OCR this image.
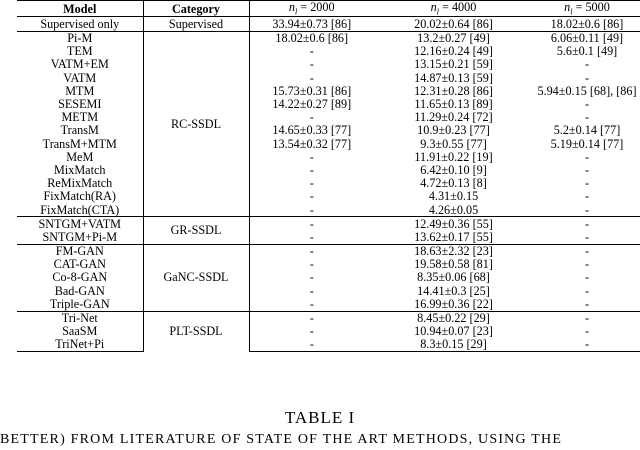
Model	Category	$n_l = 2000$	$n_l = 4000$	$n_l = 5000$
Supervised only	Supervised	33.94±0.73 [86]	20.02±0.64 [86]	18.02±0.6 [86]
Pi-M	RC-SSDL	18.02±0.6 [86]	13.2±0.27 [49]	6.06±0.11 [49]
TEM		-	12.16±0.24 [49]	5.6±0.1 [49]
VATM+EM		-	13.15±0.21 [59]	-
VATM		-	14.87±0.13 [59]	-
MTM		15.73±0.31 [86]	12.31±0.28 [86]	5.94±0.15 [68], [86]
SESEMI		14.22±0.27 [89]	11.65±0.13 [89]	-
METM		-	11.29±0.24 [72]	-
TransM		14.65±0.33 [77]	10.9±0.23 [77]	5.2±0.14 [77]
TransM+MTM		13.54±0.32 [77]	9.3±0.55 [77]	5.19±0.14 [77]
MeM		-	11.91±0.22 [19]	-
MixMatch		-	6.42±0.10 [9]	-
ReMixMatch		-	4.72±0.13 [8]	-
FixMatch(RA)		-	4.31±0.15	-
FixMatch(CTA)		-	4.26±0.05	-
SNTGM+VATM	GR-SSDL	-	12.49±0.36 [55]	-
SNTGM+Pi-M		-	13.62±0.17 [55]	-
FM-GAN	GaNC-SSDL	-	18.63±2.32 [23]	-
CAT-GAN		-	19.58±0.58 [81]	-
Co-8-GAN		-	8.35±0.06 [68]	-
Bad-GAN		-	14.41±0.3 [25]	-
Triple-GAN		-	16.99±0.36 [22]	-
Tri-Net	PLT-SSDL	-	8.45±0.22 [29]	-
SaaSM		-	10.94±0.07 [23]	-
TriNet+Pi		-	8.3±0.15 [29]	-
TABLE I
BETTER) FROM LITERATURE OF STATE OF THE ART METHODS, USING THE
